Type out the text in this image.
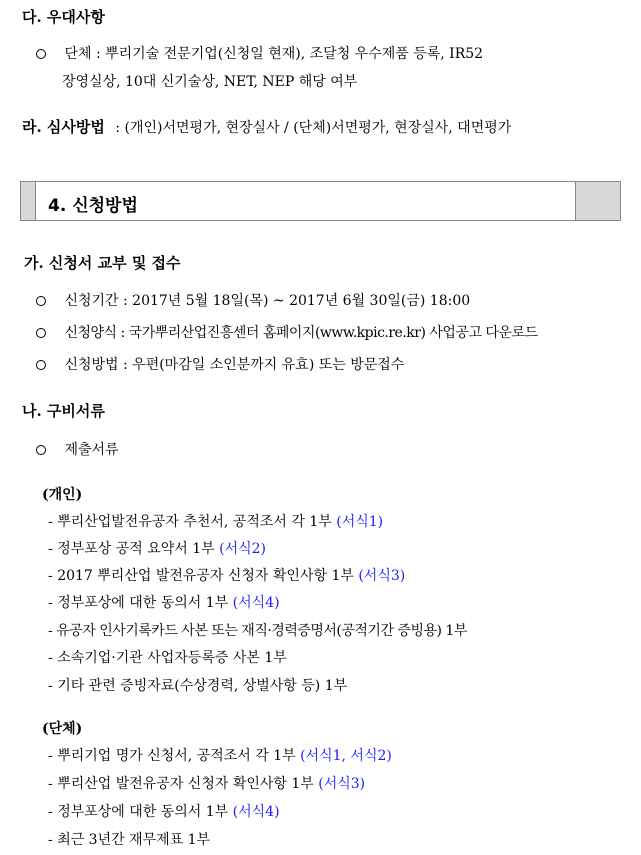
다. 우대사항
단체 : 뿌리기술 전문기업(신청일 현재), 조달청 우수제품 등록, IR52
장영실상, 10대 신기술상, NET, NEP 해당 여부
라. 심사방법 : (개인)서면평가, 현장실사 / (단체)서면평가, 현장실사, 대면평가
4. 신청방법
가. 신청서 교부 및 접수
신청기간 : 2017년 5월 18일(목) ~ 2017년 6월 30일(금) 18:00
신청양식 : 국가뿌리산업진흥센터 홈페이지(www.kpic.re.kr) 사업공고 다운로드
신청방법 : 우편(마감일 소인분까지 유효) 또는 방문접수
나. 구비서류
제출서류
(개인)
- 뿌리산업발전유공자 추천서, 공적조서 각 1부 (서식1)
- 정부포상 공적 요약서 1부 (서식2)
- 2017 뿌리산업 발전유공자 신청자 확인사항 1부 (서식3)
- 정부포상에 대한 동의서 1부 (서식4)
- 유공자 인사기록카드 사본 또는 재직·경력증명서(공적기간 증빙용) 1부
- 소속기업·기관 사업자등록증 사본 1부
- 기타 관련 증빙자료(수상경력, 상벌사항 등) 1부
(단체)
- 뿌리기업 명가 신청서, 공적조서 각 1부 (서식1, 서식2)
- 뿌리산업 발전유공자 신청자 확인사항 1부 (서식3)
- 정부포상에 대한 동의서 1부 (서식4)
- 최근 3년간 재무제표 1부
